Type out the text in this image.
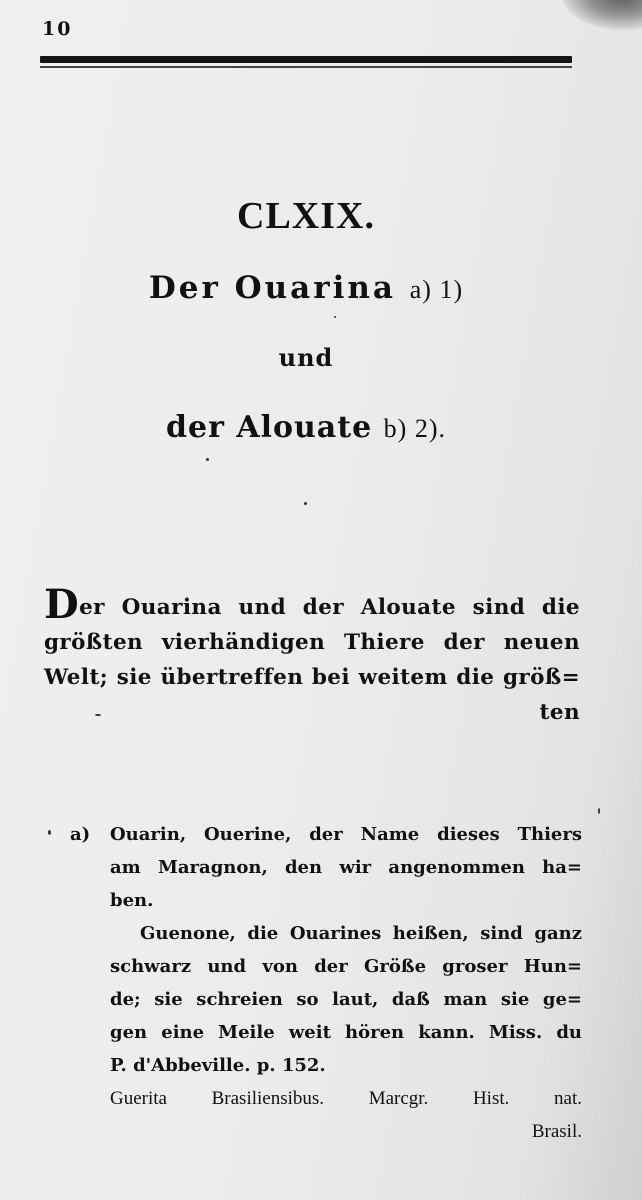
10
CLXIX.
Der Ouarina a) 1)
und
der Alouate b) 2).
Der Ouarina und der Alouate sind die
größten vierhändigen Thiere der neuen
Welt; sie übertreffen bei weitem die größ=
ten
a) Ouarin, Ouerine, der Name dieses Thiers
am Maragnon, den wir angenommen ha=
ben.
Guenone, die Ouarines heißen, sind ganz
schwarz und von der Größe groser Hun=
de; sie schreien so laut, daß man sie ge=
gen eine Meile weit hören kann. Miss. du
P. d'Abbeville. p. 152.
Guerita Brasiliensibus. Marcgr. Hist. nat.
Brasil.
